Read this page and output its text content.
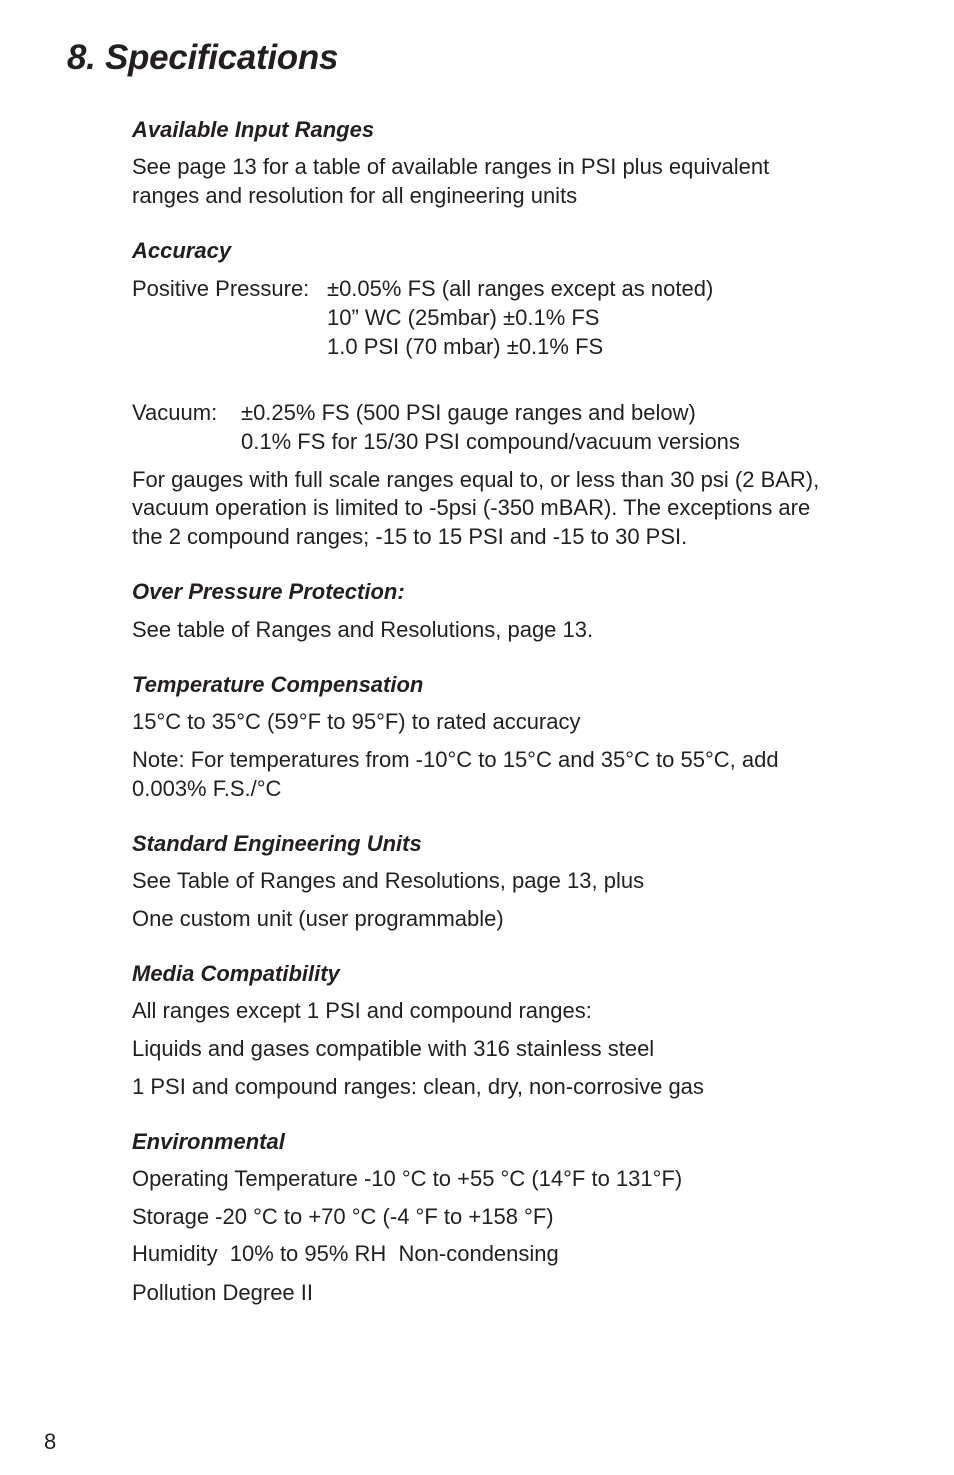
8. Specifications
Available Input Ranges

See page 13 for a table of available ranges in PSI plus equivalent

ranges and resolution for all engineering units

Accuracy

Positive Pressure: ±0.05% FS (all ranges except as noted)

10” WC (25mbar) ±0.1% FS

1.0 PSI (70 mbar) ±0.1% FS

Vacuum: ±0.25% FS (500 PSI gauge ranges and below)

0.1% FS for 15/30 PSI compound/vacuum versions

For gauges with full scale ranges equal to, or less than 30 psi (2 BAR),

vacuum operation is limited to -5psi (-350 mBAR). The exceptions are

the 2 compound ranges; -15 to 15 PSI and -15 to 30 PSI.

Over Pressure Protection:

See table of Ranges and Resolutions, page 13.

Temperature Compensation

15°C to 35°C (59°F to 95°F) to rated accuracy

Note: For temperatures from -10°C to 15°C and 35°C to 55°C, add

0.003% F.S./°C

Standard Engineering Units

See Table of Ranges and Resolutions, page 13, plus

One custom unit (user programmable)

Media Compatibility

All ranges except 1 PSI and compound ranges:

Liquids and gases compatible with 316 stainless steel

1 PSI and compound ranges: clean, dry, non-corrosive gas

Environmental

Operating Temperature -10 °C to +55 °C (14°F to 131°F)

Storage -20 °C to +70 °C (-4 °F to +158 °F)

Humidity  10% to 95% RH  Non-condensing

Pollution Degree II

8
